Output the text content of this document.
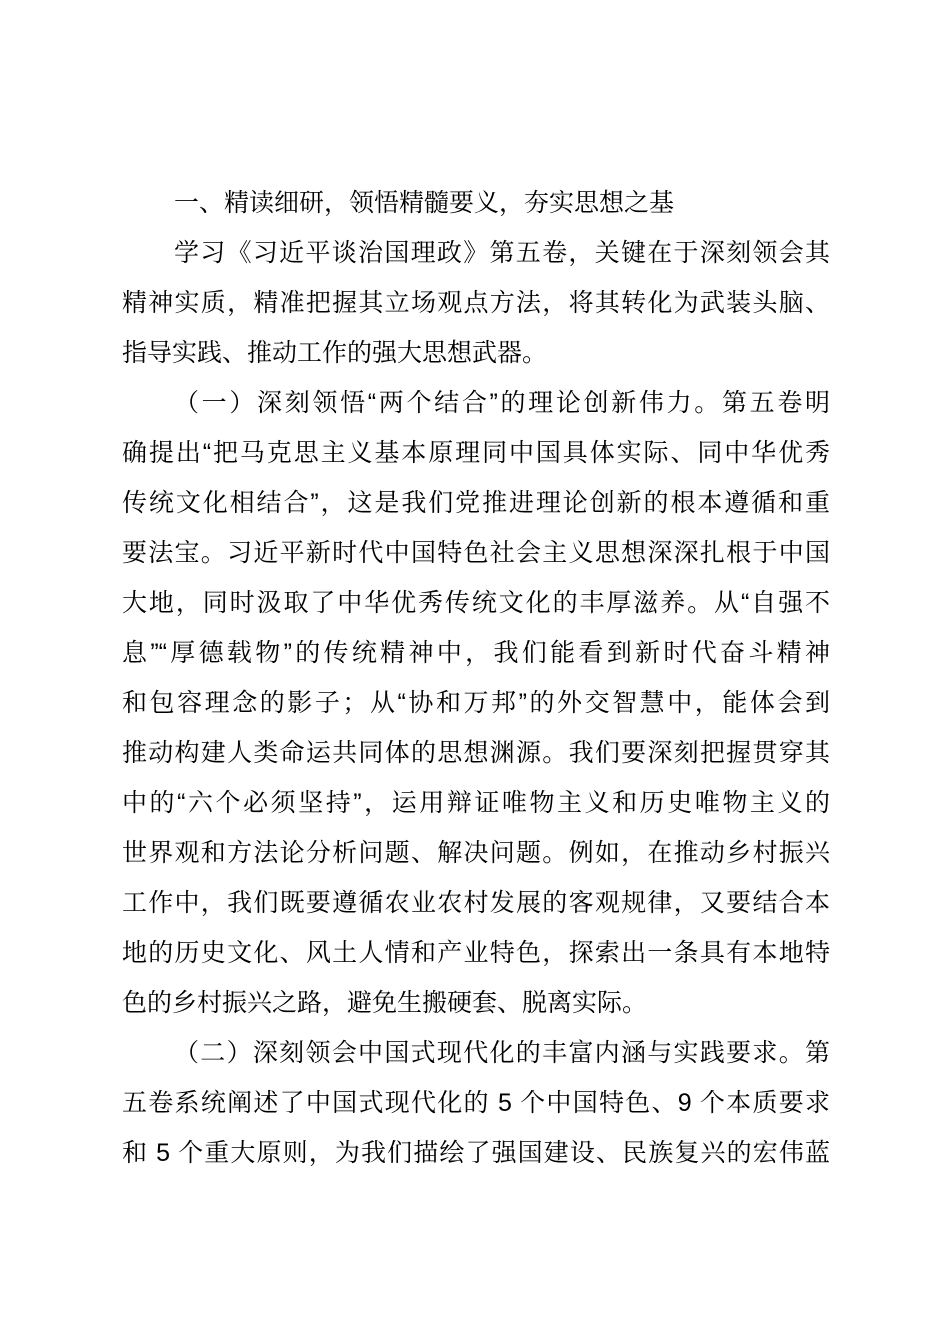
一、精读细研，领悟精髓要义，夯实思想之基
学习《习近平谈治国理政》第五卷，关键在于深刻领会其
精神实质，精准把握其立场观点方法，将其转化为武装头脑、
指导实践、推动工作的强大思想武器。
（一）深刻领悟“两个结合”的理论创新伟力。第五卷明
确提出“把马克思主义基本原理同中国具体实际、同中华优秀
传统文化相结合”，这是我们党推进理论创新的根本遵循和重
要法宝。习近平新时代中国特色社会主义思想深深扎根于中国
大地，同时汲取了中华优秀传统文化的丰厚滋养。从“自强不
息”“厚德载物”的传统精神中，我们能看到新时代奋斗精神
和包容理念的影子；从“协和万邦”的外交智慧中，能体会到
推动构建人类命运共同体的思想渊源。我们要深刻把握贯穿其
中的“六个必须坚持”，运用辩证唯物主义和历史唯物主义的
世界观和方法论分析问题、解决问题。例如，在推动乡村振兴
工作中，我们既要遵循农业农村发展的客观规律，又要结合本
地的历史文化、风土人情和产业特色，探索出一条具有本地特
色的乡村振兴之路，避免生搬硬套、脱离实际。
（二）深刻领会中国式现代化的丰富内涵与实践要求。第
五卷系统阐述了中国式现代化的 5 个中国特色、9 个本质要求
和 5 个重大原则，为我们描绘了强国建设、民族复兴的宏伟蓝
